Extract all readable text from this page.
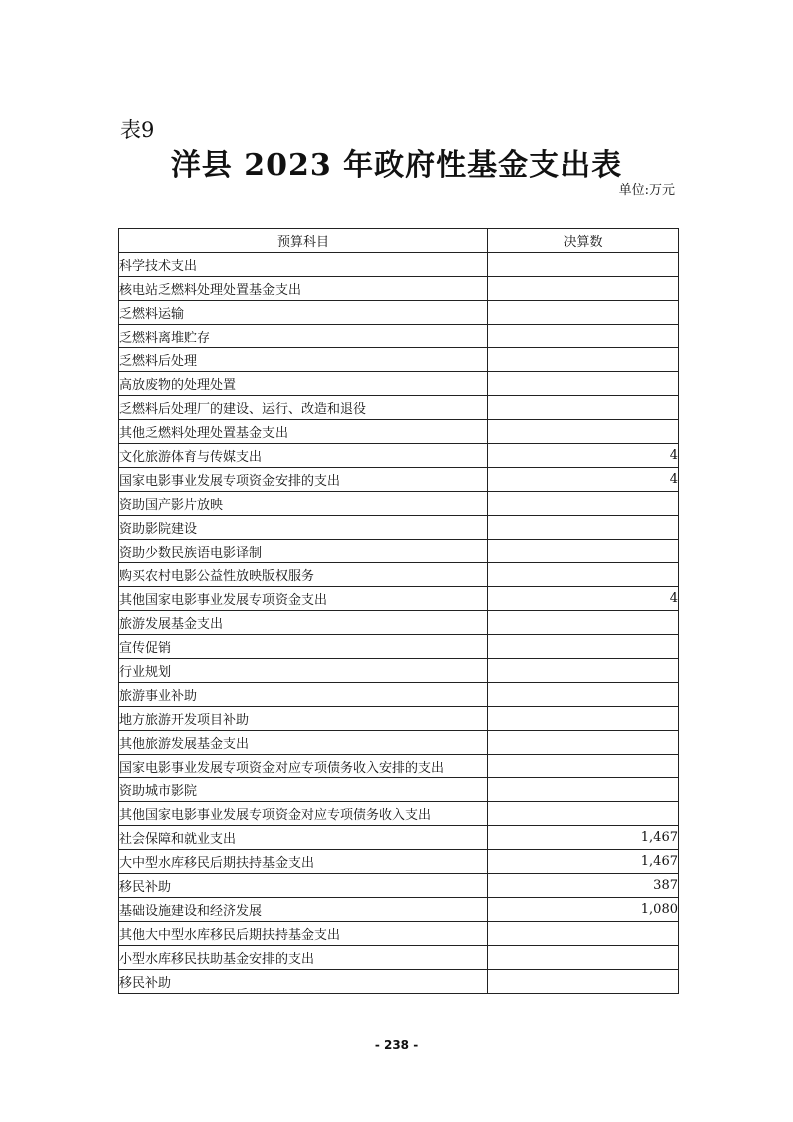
表9
洋县 2023 年政府性基金支出表
单位:万元
预算科目	决算数
科学技术支出	
核电站乏燃料处理处置基金支出	
乏燃料运输	
乏燃料离堆贮存	
乏燃料后处理	
高放废物的处理处置	
乏燃料后处理厂的建设、运行、改造和退役	
其他乏燃料处理处置基金支出	
文化旅游体育与传媒支出	4
国家电影事业发展专项资金安排的支出	4
资助国产影片放映	
资助影院建设	
资助少数民族语电影译制	
购买农村电影公益性放映版权服务	
其他国家电影事业发展专项资金支出	4
旅游发展基金支出	
宣传促销	
行业规划	
旅游事业补助	
地方旅游开发项目补助	
其他旅游发展基金支出	
国家电影事业发展专项资金对应专项债务收入安排的支出	
资助城市影院	
其他国家电影事业发展专项资金对应专项债务收入支出	
社会保障和就业支出	1,467
大中型水库移民后期扶持基金支出	1,467
移民补助	387
基础设施建设和经济发展	1,080
其他大中型水库移民后期扶持基金支出	
小型水库移民扶助基金安排的支出	
移民补助	
- 238 -
